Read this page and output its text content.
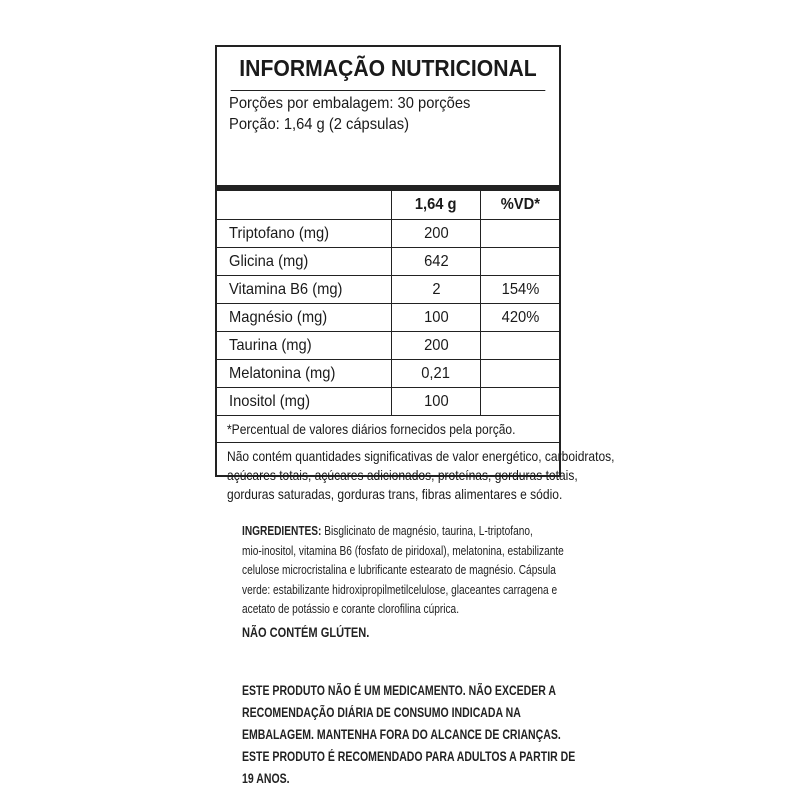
INFORMAÇÃO NUTRICIONAL
Porções por embalagem: 30 porções
Porção: 1,64 g (2 cápsulas)
	1,64 g	%VD*
Triptofano (mg)	200	
Glicina (mg)	642	
Vitamina B6 (mg)	2	154%
Magnésio (mg)	100	420%
Taurina (mg)	200	
Melatonina (mg)	0,21	
Inositol (mg)	100	
*Percentual de valores diários fornecidos pela porção.
Não contém quantidades significativas de valor energético, carboidratos,
açúcares totais, açúcares adicionados, proteínas, gorduras totais,
gorduras saturadas, gorduras trans, fibras alimentares e sódio.
INGREDIENTES: Bisglicinato de magnésio, taurina, L-triptofano,
mio-inositol, vitamina B6 (fosfato de piridoxal), melatonina, estabilizante
celulose microcristalina e lubrificante estearato de magnésio. Cápsula
verde: estabilizante hidroxipropilmetilcelulose, glaceantes carragena e
acetato de potássio e corante clorofilina cúprica.
NÃO CONTÉM GLÚTEN.
ESTE PRODUTO NÃO É UM MEDICAMENTO. NÃO EXCEDER A
RECOMENDAÇÃO DIÁRIA DE CONSUMO INDICADA NA
EMBALAGEM. MANTENHA FORA DO ALCANCE DE CRIANÇAS.
ESTE PRODUTO É RECOMENDADO PARA ADULTOS A PARTIR DE
19 ANOS.
